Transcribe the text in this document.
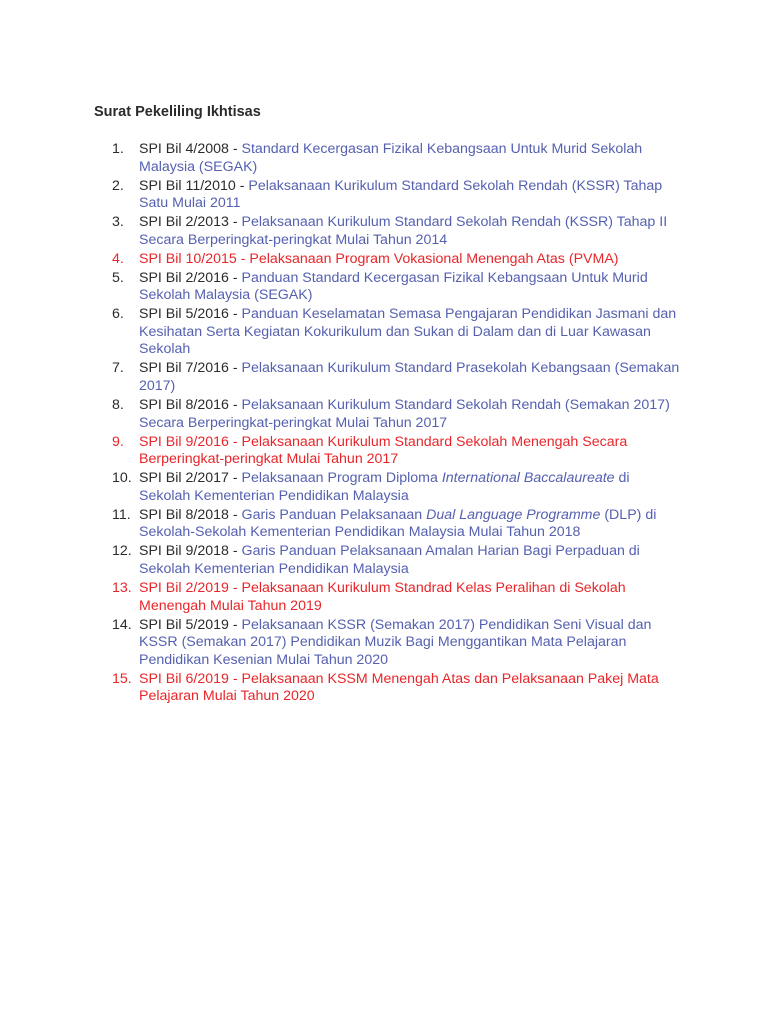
Surat Pekeliling Ikhtisas
1. SPI Bil 4/2008 - Standard Kecergasan Fizikal Kebangsaan Untuk Murid Sekolah Malaysia (SEGAK)
2. SPI Bil 11/2010 - Pelaksanaan Kurikulum Standard Sekolah Rendah (KSSR) Tahap Satu Mulai 2011
3. SPI Bil 2/2013 - Pelaksanaan Kurikulum Standard Sekolah Rendah (KSSR) Tahap II Secara Berperingkat-peringkat Mulai Tahun 2014
4. SPI Bil 10/2015 - Pelaksanaan Program Vokasional Menengah Atas (PVMA)
5. SPI Bil 2/2016 - Panduan Standard Kecergasan Fizikal Kebangsaan Untuk Murid Sekolah Malaysia (SEGAK)
6. SPI Bil 5/2016 - Panduan Keselamatan Semasa Pengajaran Pendidikan Jasmani dan Kesihatan Serta Kegiatan Kokurikulum dan Sukan di Dalam dan di Luar Kawasan Sekolah
7. SPI Bil 7/2016 - Pelaksanaan Kurikulum Standard Prasekolah Kebangsaan (Semakan 2017)
8. SPI Bil 8/2016 - Pelaksanaan Kurikulum Standard Sekolah Rendah (Semakan 2017) Secara Berperingkat-peringkat Mulai Tahun 2017
9. SPI Bil 9/2016 - Pelaksanaan Kurikulum Standard Sekolah Menengah Secara Berperingkat-peringkat Mulai Tahun 2017
10. SPI Bil 2/2017 - Pelaksanaan Program Diploma International Baccalaureate di Sekolah Kementerian Pendidikan Malaysia
11. SPI Bil 8/2018 - Garis Panduan Pelaksanaan Dual Language Programme (DLP) di Sekolah-Sekolah Kementerian Pendidikan Malaysia Mulai Tahun 2018
12. SPI Bil 9/2018 - Garis Panduan Pelaksanaan Amalan Harian Bagi Perpaduan di Sekolah Kementerian Pendidikan Malaysia
13. SPI Bil 2/2019 - Pelaksanaan Kurikulum Standrad Kelas Peralihan di Sekolah Menengah Mulai Tahun 2019
14. SPI Bil 5/2019 - Pelaksanaan KSSR (Semakan 2017) Pendidikan Seni Visual dan KSSR (Semakan 2017) Pendidikan Muzik Bagi Menggantikan Mata Pelajaran Pendidikan Kesenian Mulai Tahun 2020
15. SPI Bil 6/2019 - Pelaksanaan KSSM Menengah Atas dan Pelaksanaan Pakej Mata Pelajaran Mulai Tahun 2020
